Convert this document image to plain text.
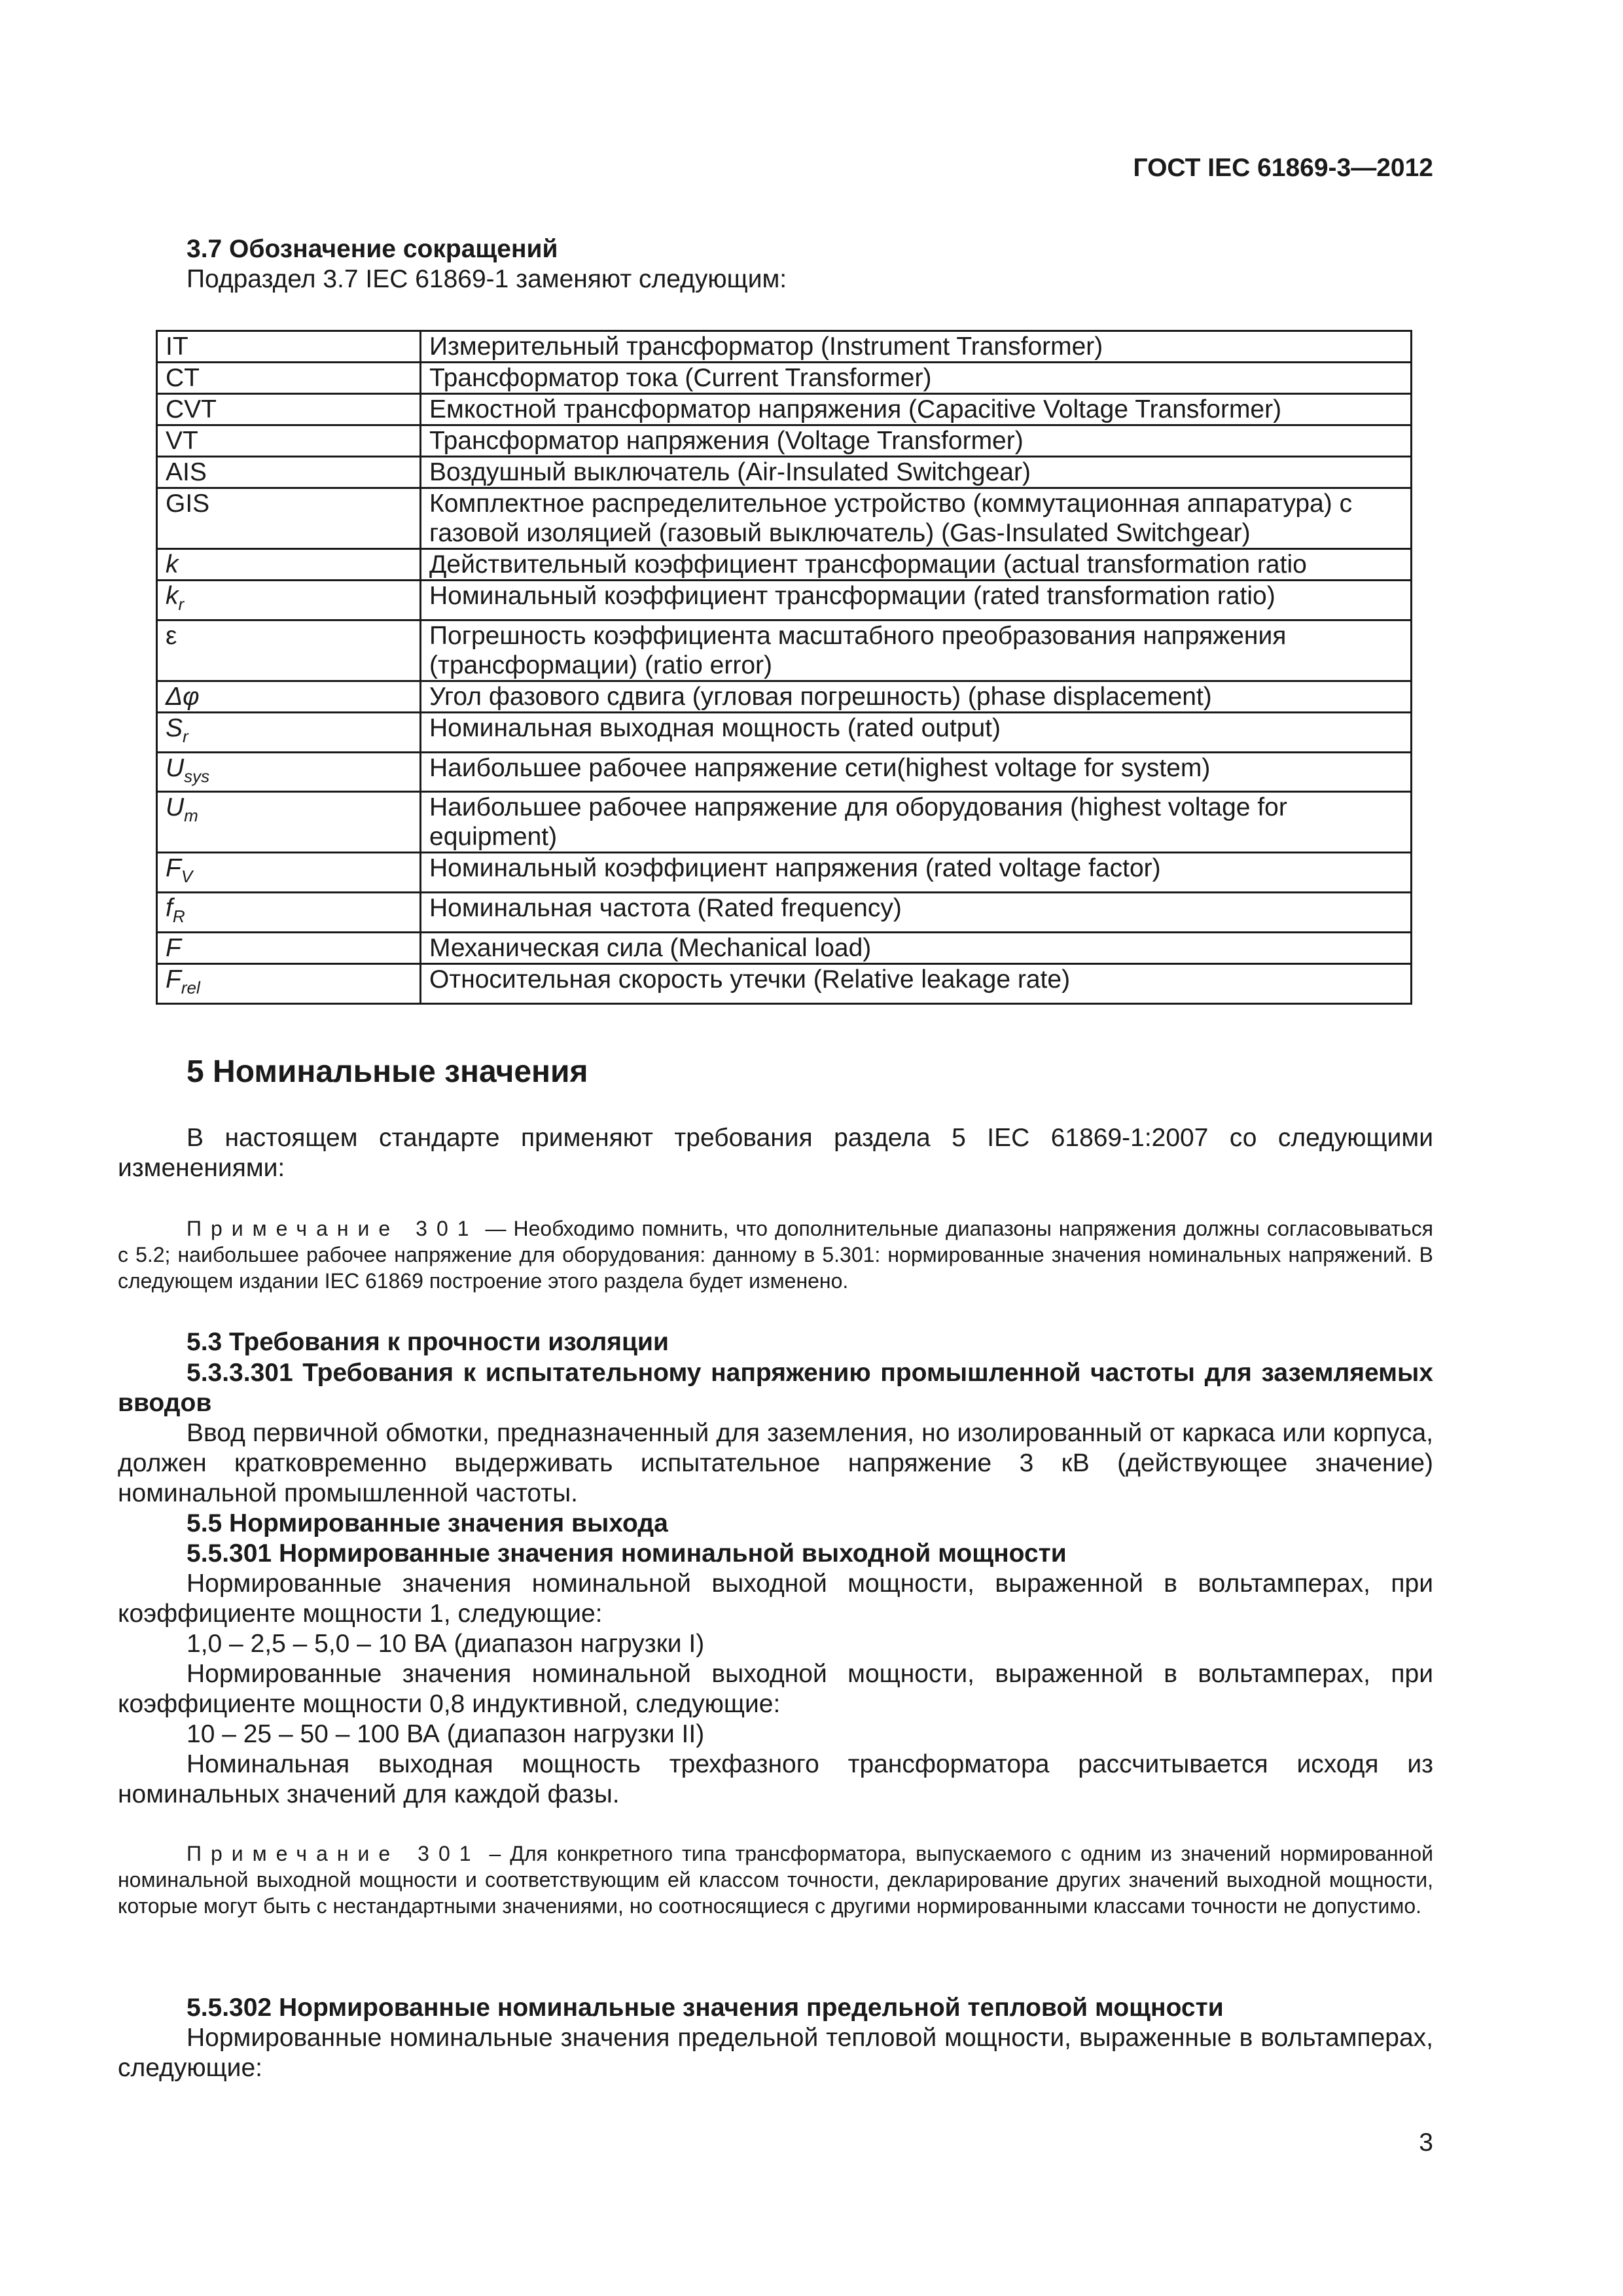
ГОСТ IEC 61869-3—2012
3.7 Обозначение сокращений
Подраздел 3.7 IEC 61869-1 заменяют следующим:
IT	Измерительный трансформатор (Instrument Transformer)
CT	Трансформатор тока (Current Transformer)
CVT	Емкостной трансформатор напряжения (Capacitive Voltage Transformer)
VT	Трансформатор напряжения (Voltage Transformer)
AIS	Воздушный выключатель (Air-Insulated Switchgear)
GIS	Комплектное распределительное устройство (коммутационная аппаратура) с газовой изоляцией (газовый выключатель) (Gas-Insulated Switchgear)
k	Действительный коэффициент трансформации (actual transformation ratio
$k_r$	Номинальный коэффициент трансформации (rated transformation ratio)
ε	Погрешность коэффициента масштабного преобразования напряжения (трансформации) (ratio error)
Δφ	Угол фазового сдвига (угловая погрешность) (phase displacement)
$S_r$	Номинальная выходная мощность (rated output)
$U_{sys}$	Наибольшее рабочее напряжение сети(highest voltage for system)
$U_m$	Наибольшее рабочее напряжение для оборудования (highest voltage for equipment)
$F_V$	Номинальный коэффициент напряжения (rated voltage factor)
$f_R$	Номинальная частота (Rated frequency)
F	Механическая сила (Mechanical load)
$F_{rel}$	Относительная скорость утечки (Relative leakage rate)
5 Номинальные значения
В настоящем стандарте применяют требования раздела 5 IEC 61869-1:2007 со следующими изменениями:
Примечание 301 — Необходимо помнить, что дополнительные диапазоны напряжения должны согласовываться с 5.2; наибольшее рабочее напряжение для оборудования: данному в 5.301: нормированные значения номинальных напряжений. В следующем издании IEC 61869 построение этого раздела будет изменено.
5.3 Требования к прочности изоляции
5.3.3.301 Требования к испытательному напряжению промышленной частоты для заземляемых вводов
Ввод первичной обмотки, предназначенный для заземления, но изолированный от каркаса или корпуса, должен кратковременно выдерживать испытательное напряжение 3 кВ (действующее значение) номинальной промышленной частоты.
5.5 Нормированные значения выхода
5.5.301 Нормированные значения номинальной выходной мощности
Нормированные значения номинальной выходной мощности, выраженной в вольтамперах, при коэффициенте мощности 1, следующие:
1,0 – 2,5 – 5,0 – 10 ВА (диапазон нагрузки I)
Нормированные значения номинальной выходной мощности, выраженной в вольтамперах, при коэффициенте мощности 0,8 индуктивной, следующие:
10 – 25 – 50 – 100 ВА (диапазон нагрузки II)
Номинальная выходная мощность трехфазного трансформатора рассчитывается исходя из номинальных значений для каждой фазы.
Примечание 301 – Для конкретного типа трансформатора, выпускаемого с одним из значений нормированной номинальной выходной мощности и соответствующим ей классом точности, декларирование других значений выходной мощности, которые могут быть с нестандартными значениями, но соотносящиеся с другими нормированными классами точности не допустимо.
5.5.302 Нормированные номинальные значения предельной тепловой мощности
Нормированные номинальные значения предельной тепловой мощности, выраженные в вольтамперах, следующие:
3
